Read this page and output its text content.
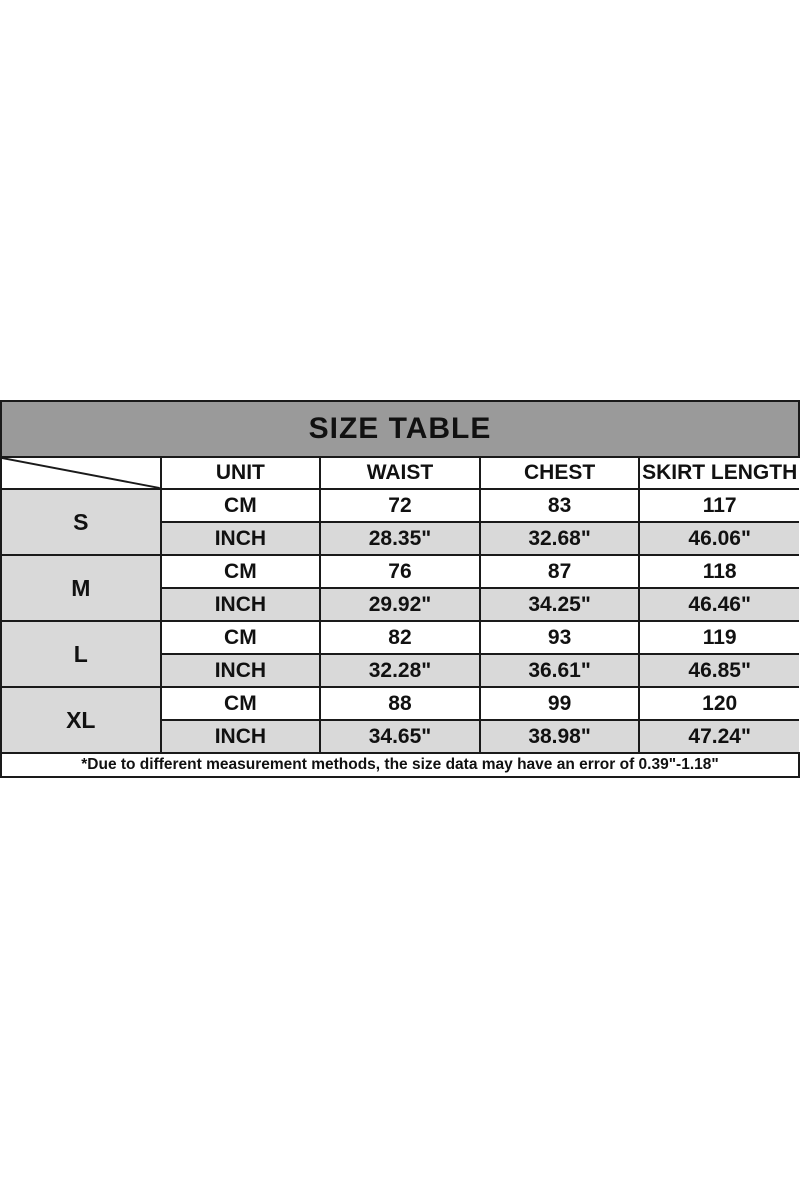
SIZE TABLE				

	UNIT	WAIST	CHEST	SKIRT LENGTH
S	CM	72	83	117
	INCH	28.35"	32.68"	46.06"
M	CM	76	87	118
	INCH	29.92"	34.25"	46.46"
L	CM	82	93	119
	INCH	32.28"	36.61"	46.85"
XL	CM	88	99	120
	INCH	34.65"	38.98"	47.24"
*Due to different measurement methods, the size data may have an error of 0.39"-1.18"				
